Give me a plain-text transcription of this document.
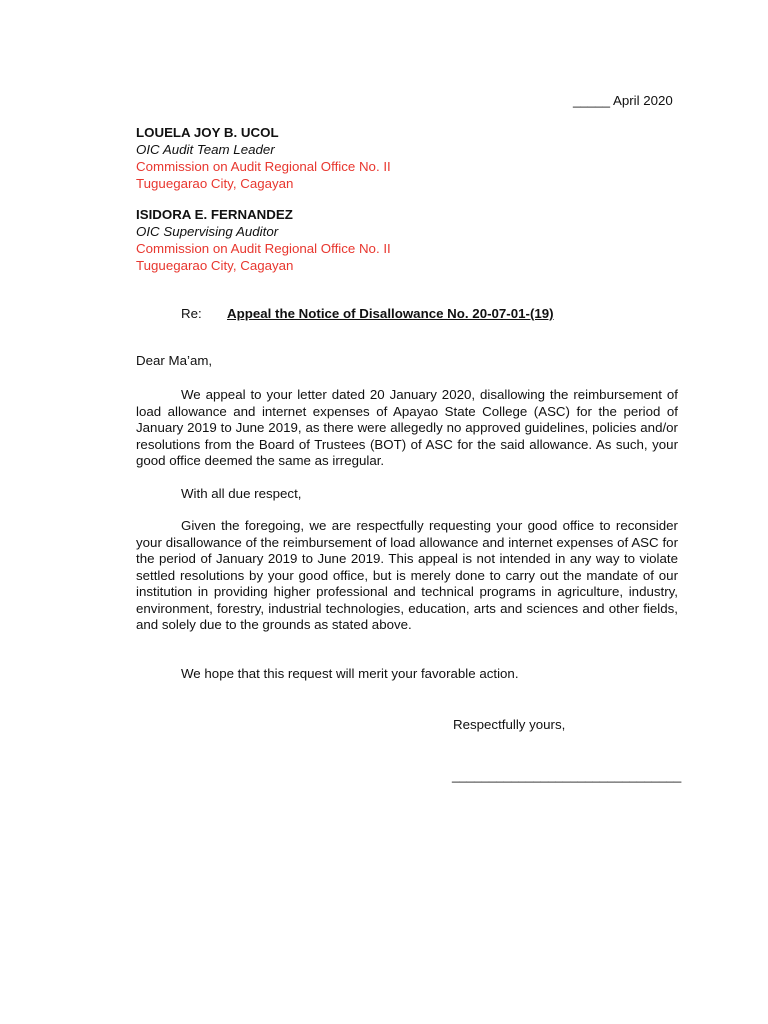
_____ April 2020
LOUELA JOY B. UCOL
OIC Audit Team Leader
Commission on Audit Regional Office No. II
Tuguegarao City, Cagayan
ISIDORA E. FERNANDEZ
OIC Supervising Auditor
Commission on Audit Regional Office No. II
Tuguegarao City, Cagayan
Re: Appeal the Notice of Disallowance No. 20-07-01-(19)
Dear Ma’am,

We appeal to your letter dated 20 January 2020, disallowing the reimbursement of load allowance and internet expenses of Apayao State College (ASC) for the period of January 2019 to June 2019, as there were allegedly no approved guidelines, policies and/or resolutions from the Board of Trustees (BOT) of ASC for the said allowance. As such, your good office deemed the same as irregular.

With all due respect,

Given the foregoing, we are respectfully requesting your good office to reconsider your disallowance of the reimbursement of load allowance and internet expenses of ASC for the period of January 2019 to June 2019. This appeal is not intended in any way to violate settled resolutions by your good office, but is merely done to carry out the mandate of our institution in providing higher professional and technical programs in agriculture, industry, environment, forestry, industrial technologies, education, arts and sciences and other fields, and solely due to the grounds as stated above.

We hope that this request will merit your favorable action.

Respectfully yours,
_______________________________
